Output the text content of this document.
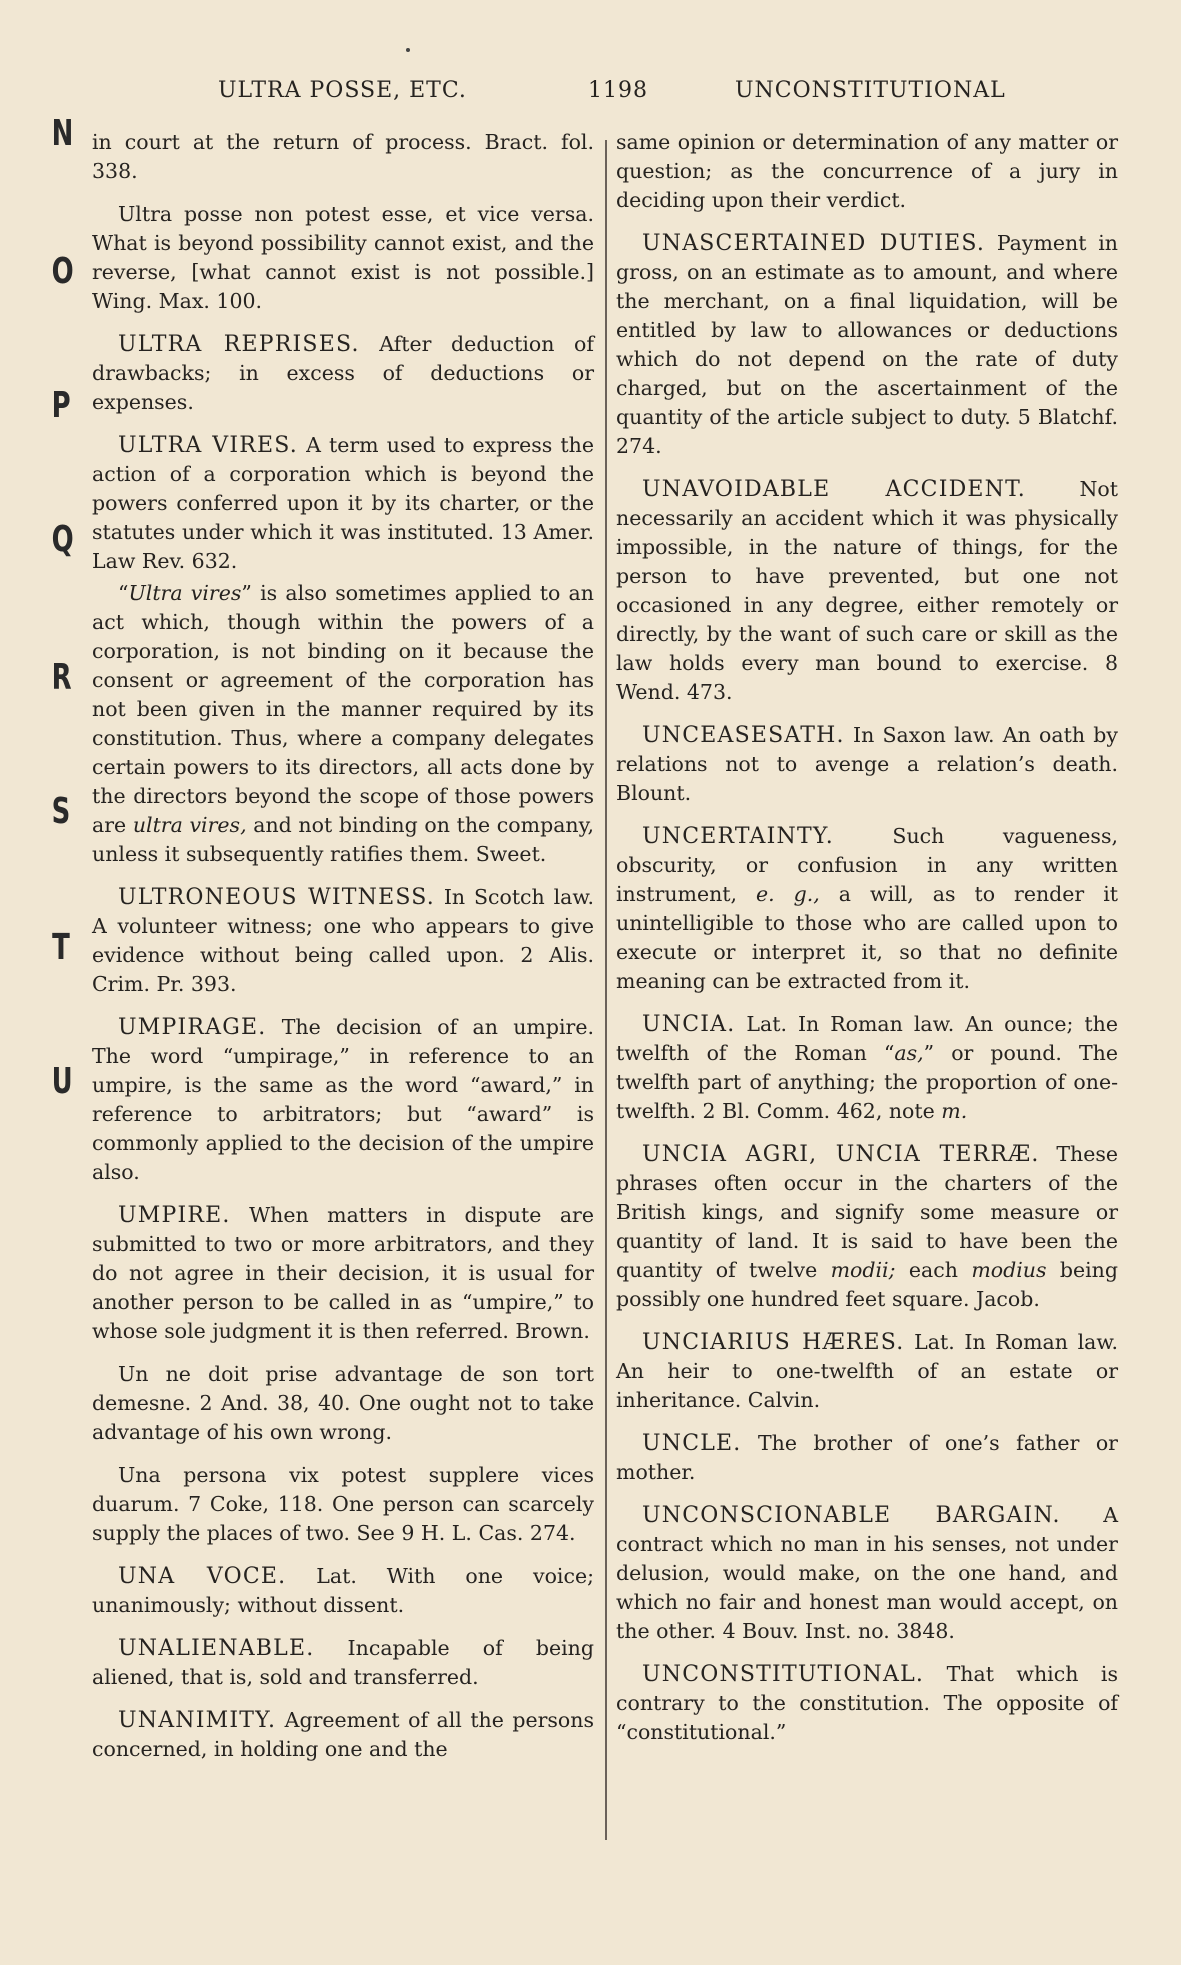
ULTRA POSSE, ETC.	1198	UNCONSTITUTIONAL
N
O
P
Q
R
S
T
U

in court at the return of process. Bract. fol. 338.

Ultra posse non potest esse, et vice versa. What is beyond possibility cannot exist, and the reverse, [what cannot exist is not possible.] Wing. Max. 100.

ULTRA REPRISES. After deduction of drawbacks; in excess of deductions or expenses.

ULTRA VIRES. A term used to express the action of a corporation which is beyond the powers conferred upon it by its charter, or the statutes under which it was instituted. 13 Amer. Law Rev. 632.

“Ultra vires” is also sometimes applied to an act which, though within the powers of a corporation, is not binding on it because the consent or agreement of the corporation has not been given in the manner required by its constitution. Thus, where a company delegates certain powers to its directors, all acts done by the directors beyond the scope of those powers are ultra vires, and not binding on the company, unless it subsequently ratifies them. Sweet.

ULTRONEOUS WITNESS. In Scotch law. A volunteer witness; one who appears to give evidence without being called upon. 2 Alis. Crim. Pr. 393.

UMPIRAGE. The decision of an umpire. The word “umpirage,” in reference to an umpire, is the same as the word “award,” in reference to arbitrators; but “award” is commonly applied to the decision of the umpire also.

UMPIRE. When matters in dispute are submitted to two or more arbitrators, and they do not agree in their decision, it is usual for another person to be called in as “umpire,” to whose sole judgment it is then referred. Brown.

Un ne doit prise advantage de son tort demesne. 2 And. 38, 40. One ought not to take advantage of his own wrong.

Una persona vix potest supplere vices duarum. 7 Coke, 118. One person can scarcely supply the places of two. See 9 H. L. Cas. 274.

UNA VOCE. Lat. With one voice; unanimously; without dissent.

UNALIENABLE. Incapable of being aliened, that is, sold and transferred.

UNANIMITY. Agreement of all the persons concerned, in holding one and the

same opinion or determination of any matter or question; as the concurrence of a jury in deciding upon their verdict.

UNASCERTAINED DUTIES. Payment in gross, on an estimate as to amount, and where the merchant, on a final liquidation, will be entitled by law to allowances or deductions which do not depend on the rate of duty charged, but on the ascertainment of the quantity of the article subject to duty. 5 Blatchf. 274.

UNAVOIDABLE ACCIDENT.	Not necessarily an accident which it was physically impossible, in the nature of things, for the person to have prevented, but one not occasioned in any degree, either remotely or directly, by the want of such care or skill as the law holds every man bound to exercise. 8 Wend. 473.

UNCEASESATH. In Saxon law. An oath by relations not to avenge a relation’s death. Blount.

UNCERTAINTY.	Such vagueness, obscurity, or confusion in any written instrument, e. g., a will, as to render it unintelligible to those who are called upon to execute or interpret it, so that no definite meaning can be extracted from it.

UNCIA. Lat. In Roman law. An ounce; the twelfth of the Roman “as,” or pound. The twelfth part of anything; the proportion of one-twelfth. 2 Bl. Comm. 462, note m.

UNCIA AGRI, UNCIA TERRÆ. These phrases often occur in the charters of the British kings, and signify some measure or quantity of land. It is said to have been the quantity of twelve modii; each modius being possibly one hundred feet square. Jacob.

UNCIARIUS HÆRES. Lat. In Roman law. An heir to one-twelfth of an estate or inheritance. Calvin.

UNCLE. The brother of one’s father or mother.

UNCONSCIONABLE BARGAIN. A contract which no man in his senses, not under delusion, would make, on the one hand, and which no fair and honest man would accept, on the other. 4 Bouv. Inst. no. 3848.

UNCONSTITUTIONAL. That which is contrary to the constitution. The opposite of “constitutional.”
